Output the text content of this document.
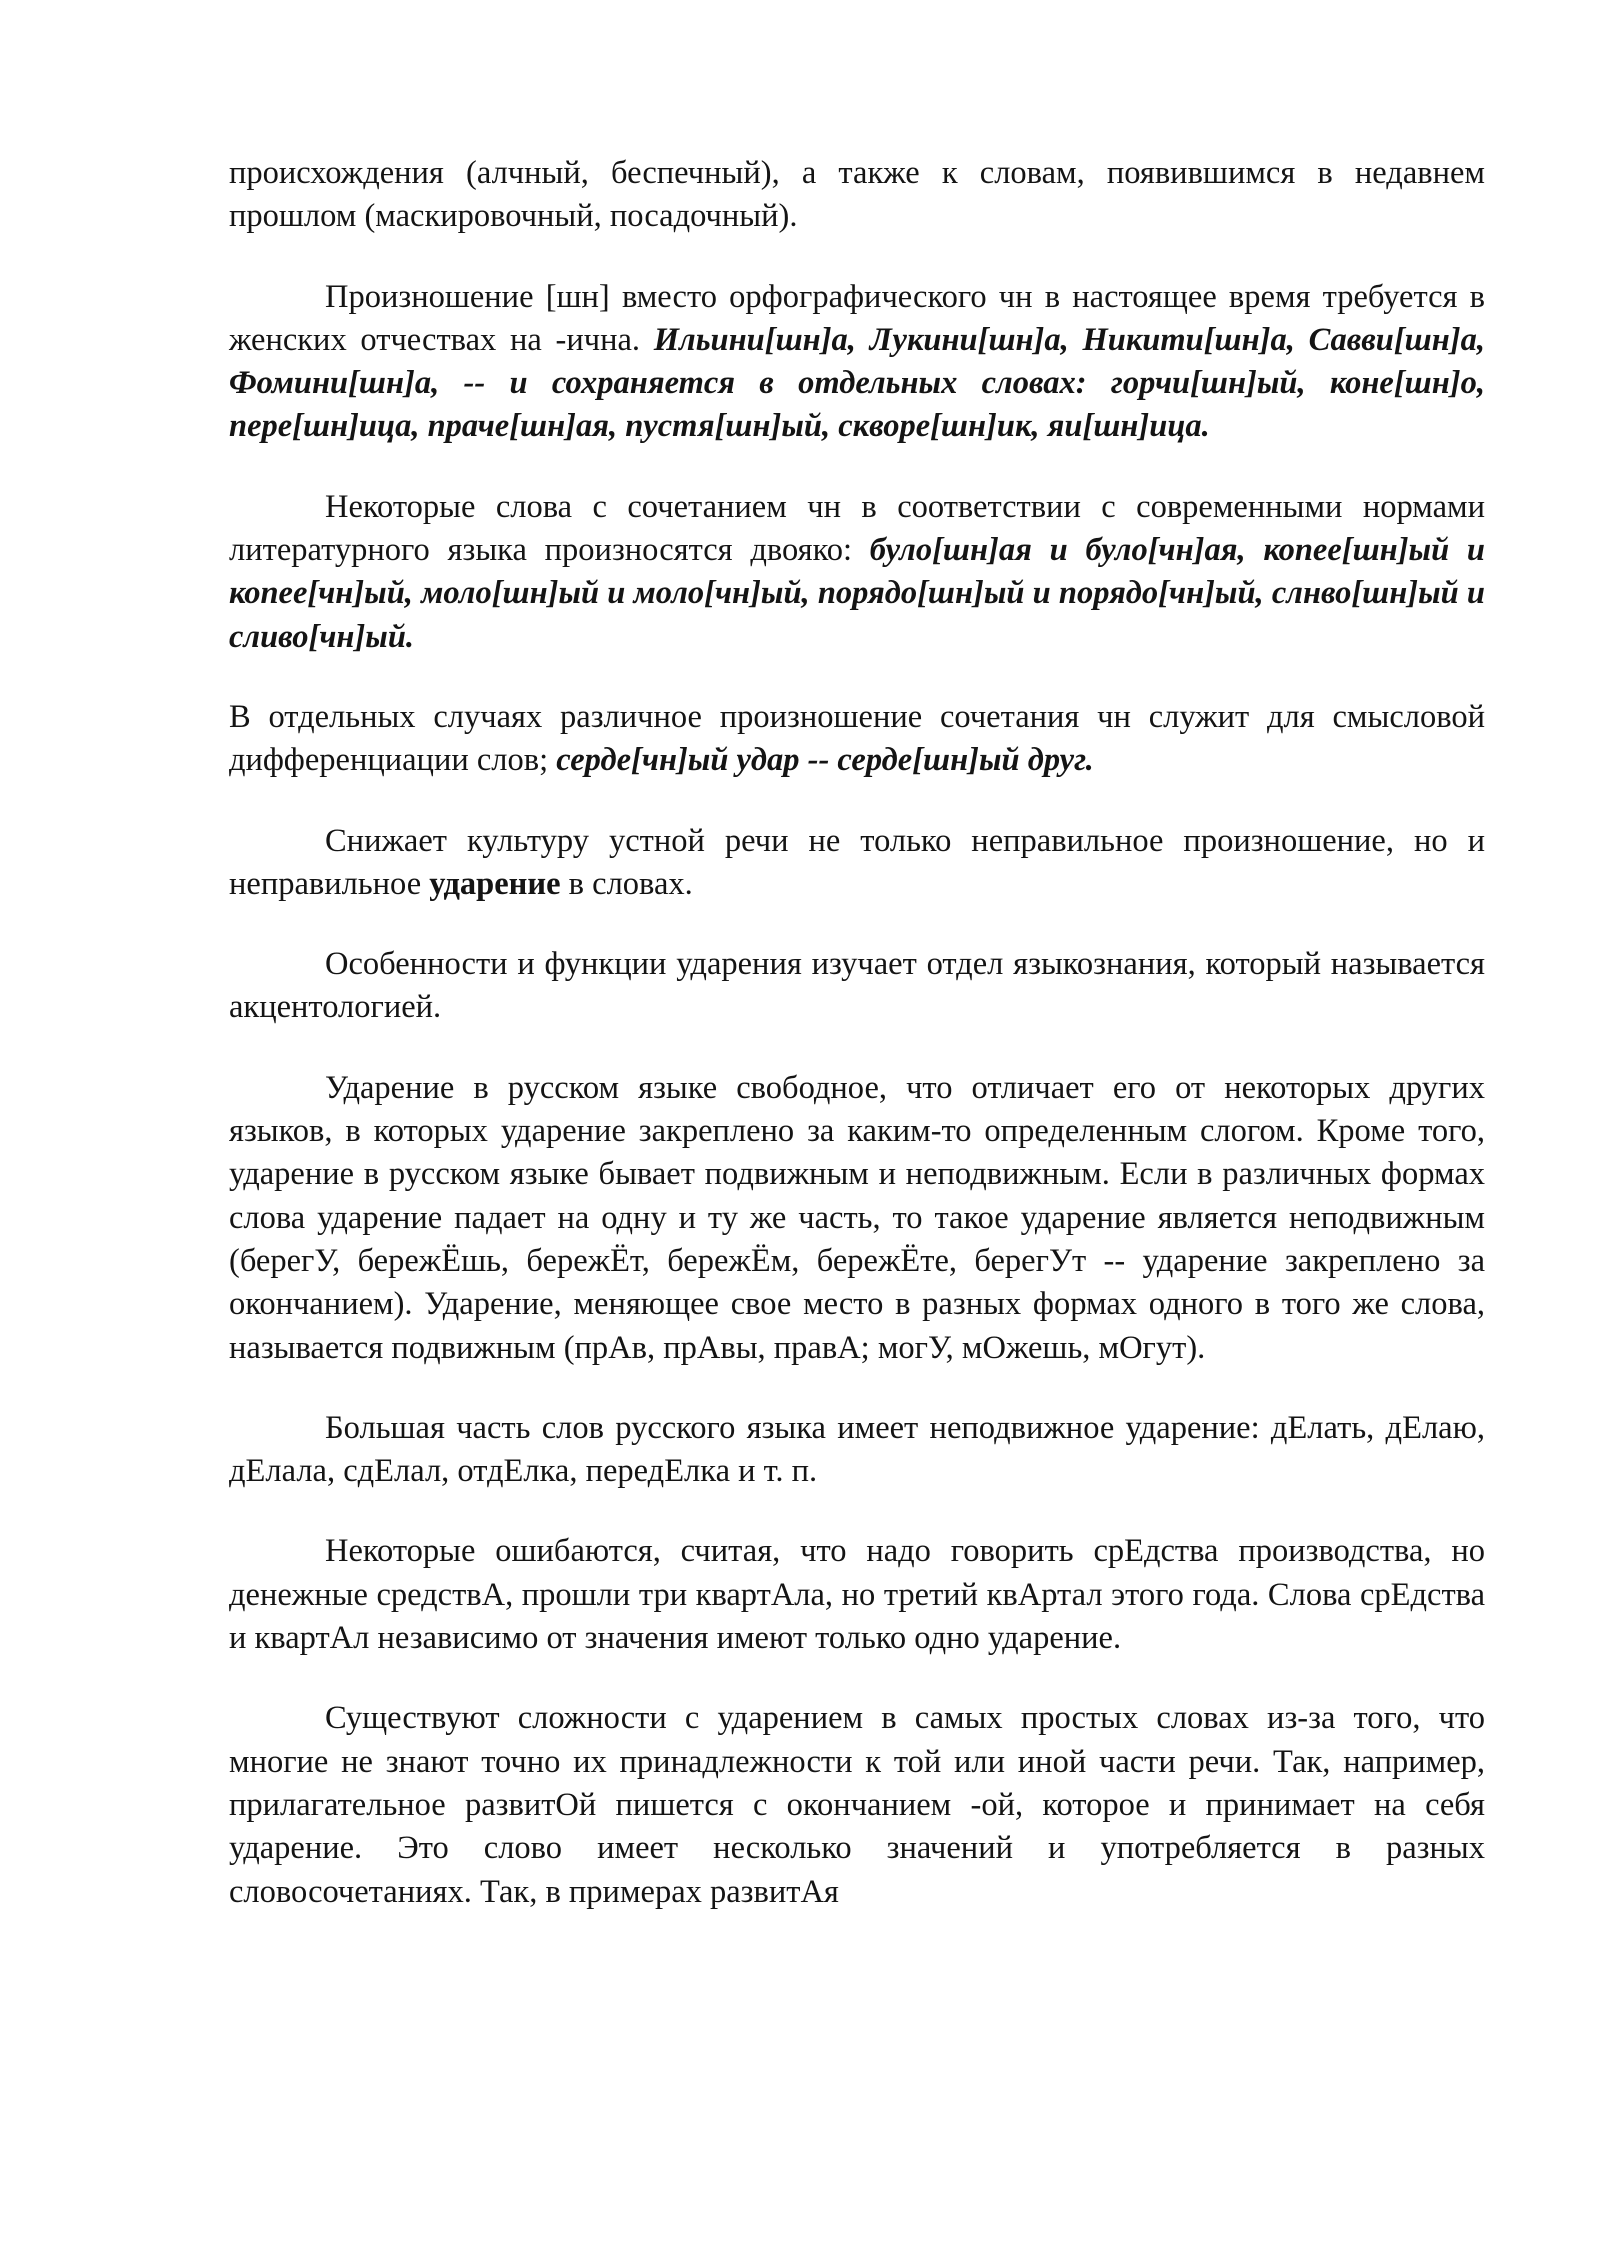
происхождения (алчный, беспечный), а также к словам, появившимся в недавнем прошлом (маскировочный, посадочный).

Произношение [шн] вместо орфографического чн в настоящее время требуется в женских отчествах на -ична. Ильини[шн]а, Лукини[шн]а, Никити[шн]а, Савви[шн]а, Фомини[шн]а, -- и сохраняется в отдельных словах: горчи[шн]ый, коне[шн]о, пере[шн]ица, праче[шн]ая, пустя[шн]ый, скворе[шн]ик, яи[шн]ица.

Некоторые слова с сочетанием чн в соответствии с современными нормами литературного языка произносятся двояко: було[шн]ая и було[чн]ая, копее[шн]ый и копее[чн]ый, моло[шн]ый и моло[чн]ый, порядо[шн]ый и порядо[чн]ый, слнво[шн]ый и сливо[чн]ый.

В отдельных случаях различное произношение сочетания чн служит для смысловой дифференциации слов; серде[чн]ый удар -- серде[шн]ый друг.

Снижает культуру устной речи не только неправильное произношение, но и неправильное ударение в словах.

Особенности и функции ударения изучает отдел языкознания, который называется акцентологией.

Ударение в русском языке свободное, что отличает его от некоторых других языков, в которых ударение закреплено за каким-то определенным слогом. Кроме того, ударение в русском языке бывает подвижным и неподвижным. Если в различных формах слова ударение падает на одну и ту же часть, то такое ударение является неподвижным (берегУ, бережЁшь, бережЁт, бережЁм, бережЁте, берегУт -- ударение закреплено за окончанием). Ударение, меняющее свое место в разных формах одного в того же слова, называется подвижным (прАв, прАвы, правА; могУ, мОжешь, мОгут).

Большая часть слов русского языка имеет неподвижное ударение: дЕлать, дЕлаю, дЕлала, сдЕлал, отдЕлка, передЕлка и т. п.

Некоторые ошибаются, считая, что надо говорить срЕдства производства, но денежные средствА, прошли три квартАла, но третий квАртал этого года. Слова срЕдства и квартАл независимо от значения имеют только одно ударение.

Существуют сложности с ударением в самых простых словах из-за того, что многие не знают точно их принадлежности к той или иной части речи. Так, например, прилагательное развитОй пишется с окончанием -ой, которое и принимает на себя ударение. Это слово имеет несколько значений и употребляется в разных словосочетаниях. Так, в примерах развитАя
